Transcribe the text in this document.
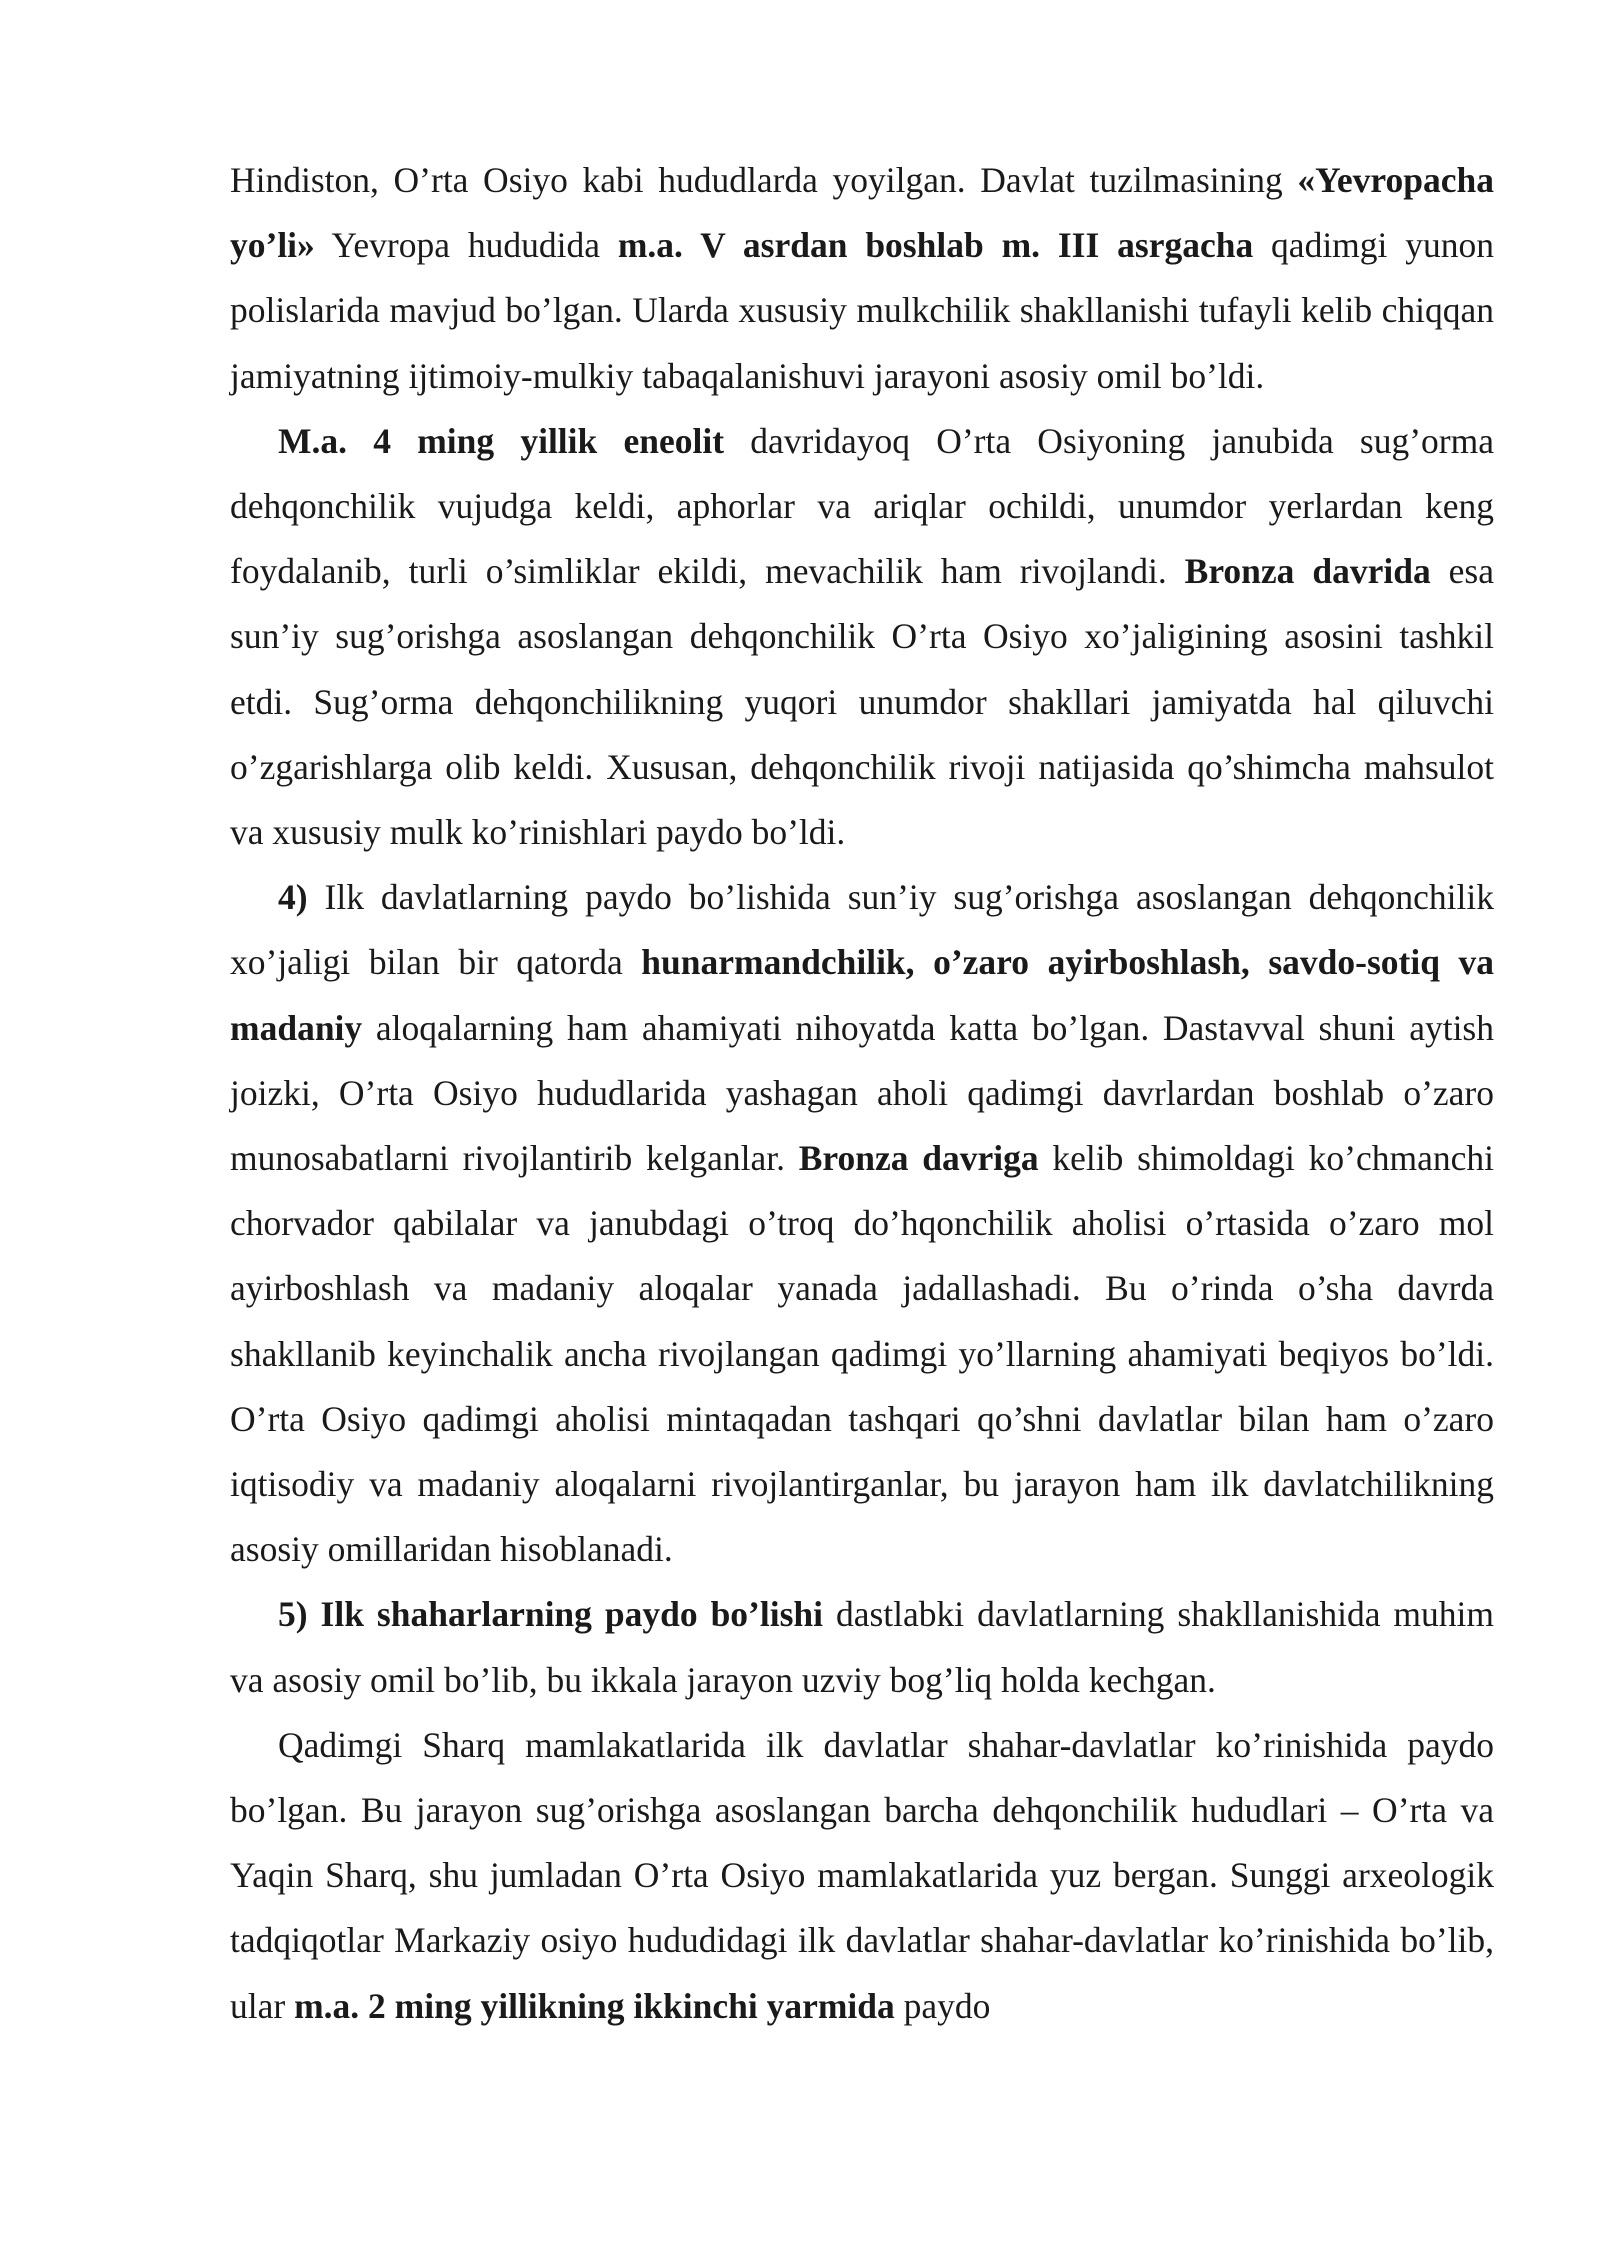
Hindiston, O’rta Osiyo kabi hududlarda yoyilgan. Davlat tuzilmasining «Yevropacha yo’li» Yevropa hududida m.a. V asrdan boshlab m. III asrgacha qadimgi yunon polislarida mavjud bo’lgan. Ularda xususiy mulkchilik shakllanishi tufayli kelib chiqqan jamiyatning ijtimoiy-mulkiy tabaqalanishuvi jarayoni asosiy omil bo’ldi.

M.a. 4 ming yillik eneolit davridayoq O’rta Osiyoning janubida sug’orma dehqonchilik vujudga keldi, aphorlar va ariqlar ochildi, unumdor yerlardan keng foydalanib, turli o’simliklar ekildi, mevachilik ham rivojlandi. Bronza davrida esa sun’iy sug’orishga asoslangan dehqonchilik O’rta Osiyo xo’jaligining asosini tashkil etdi. Sug’orma dehqonchilikning yuqori unumdor shakllari jamiyatda hal qiluvchi o’zgarishlarga olib keldi. Xususan, dehqonchilik rivoji natijasida qo’shimcha mahsulot va xususiy mulk ko’rinishlari paydo bo’ldi.

4) Ilk davlatlarning paydo bo’lishida sun’iy sug’orishga asoslangan dehqonchilik xo’jaligi bilan bir qatorda hunarmandchilik, o’zaro ayirboshlash, savdo-sotiq va madaniy aloqalarning ham ahamiyati nihoyatda katta bo’lgan. Dastavval shuni aytish joizki, O’rta Osiyo hududlarida yashagan aholi qadimgi davrlardan boshlab o’zaro munosabatlarni rivojlantirib kelganlar. Bronza davriga kelib shimoldagi ko’chmanchi chorvador qabilalar va janubdagi o’troq do’hqonchilik aholisi o’rtasida o’zaro mol ayirboshlash va madaniy aloqalar yanada jadallashadi. Bu o’rinda o’sha davrda shakllanib keyinchalik ancha rivojlangan qadimgi yo’llarning ahamiyati beqiyos bo’ldi. O’rta Osiyo qadimgi aholisi mintaqadan tashqari qo’shni davlatlar bilan ham o’zaro iqtisodiy va madaniy aloqalarni rivojlantirganlar, bu jarayon ham ilk davlatchilikning asosiy omillaridan hisoblanadi.

5) Ilk shaharlarning paydo bo’lishi dastlabki davlatlarning shakllanishida muhim va asosiy omil bo’lib, bu ikkala jarayon uzviy bog’liq holda kechgan.

Qadimgi Sharq mamlakatlarida ilk davlatlar shahar-davlatlar ko’rinishida paydo bo’lgan. Bu jarayon sug’orishga asoslangan barcha dehqonchilik hududlari – O’rta va Yaqin Sharq, shu jumladan O’rta Osiyo mamlakatlarida yuz bergan. Sunggi arxeologik tadqiqotlar Markaziy osiyo hududidagi ilk davlatlar shahar-davlatlar ko’rinishida bo’lib, ular m.a. 2 ming yillikning ikkinchi yarmida paydo
